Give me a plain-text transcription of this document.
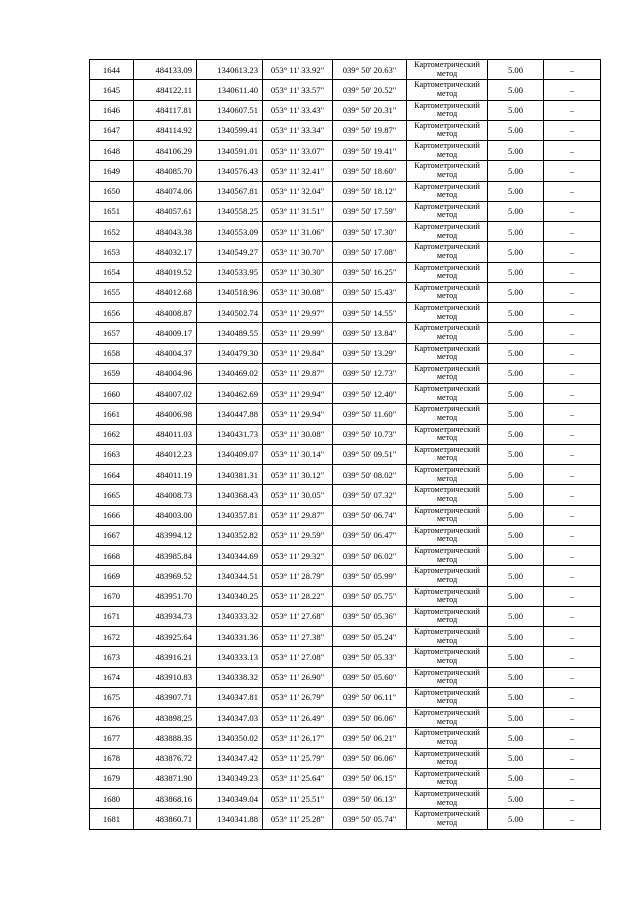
1644	484133.09	1340613.23	053° 11' 33.92"	039° 50' 20.63"	Картометрический метод	5.00	–
1645	484122.11	1340611.40	053° 11' 33.57"	039° 50' 20.52"	Картометрический метод	5.00	–
1646	484117.81	1340607.51	053° 11' 33.43"	039° 50' 20.31"	Картометрический метод	5.00	–
1647	484114.92	1340599.41	053° 11' 33.34"	039° 50' 19.87"	Картометрический метод	5.00	–
1648	484106.29	1340591.01	053° 11' 33.07"	039° 50' 19.41"	Картометрический метод	5.00	–
1649	484085.70	1340576.43	053° 11' 32.41"	039° 50' 18.60"	Картометрический метод	5.00	–
1650	484074.06	1340567.81	053° 11' 32.04"	039° 50' 18.12"	Картометрический метод	5.00	–
1651	484057.61	1340558.25	053° 11' 31.51"	039° 50' 17.59"	Картометрический метод	5.00	–
1652	484043.38	1340553.09	053° 11' 31.06"	039° 50' 17.30"	Картометрический метод	5.00	–
1653	484032.17	1340549.27	053° 11' 30.70"	039° 50' 17.08"	Картометрический метод	5.00	–
1654	484019.52	1340533.95	053° 11' 30.30"	039° 50' 16.25"	Картометрический метод	5.00	–
1655	484012.68	1340518.96	053° 11' 30.08"	039° 50' 15.43"	Картометрический метод	5.00	–
1656	484008.87	1340502.74	053° 11' 29.97"	039° 50' 14.55"	Картометрический метод	5.00	–
1657	484009.17	1340489.55	053° 11' 29.99"	039° 50' 13.84"	Картометрический метод	5.00	–
1658	484004.37	1340479.30	053° 11' 29.84"	039° 50' 13.29"	Картометрический метод	5.00	–
1659	484004.96	1340469.02	053° 11' 29.87"	039° 50' 12.73"	Картометрический метод	5.00	–
1660	484007.02	1340462.69	053° 11' 29.94"	039° 50' 12.40"	Картометрический метод	5.00	–
1661	484006.98	1340447.88	053° 11' 29.94"	039° 50' 11.60"	Картометрический метод	5.00	–
1662	484011.03	1340431.73	053° 11' 30.08"	039° 50' 10.73"	Картометрический метод	5.00	–
1663	484012.23	1340409.07	053° 11' 30.14"	039° 50' 09.51"	Картометрический метод	5.00	–
1664	484011.19	1340381.31	053° 11' 30.12"	039° 50' 08.02"	Картометрический метод	5.00	–
1665	484008.73	1340368.43	053° 11' 30.05"	039° 50' 07.32"	Картометрический метод	5.00	–
1666	484003.00	1340357.81	053° 11' 29.87"	039° 50' 06.74"	Картометрический метод	5.00	–
1667	483994.12	1340352.82	053° 11' 29.59"	039° 50' 06.47"	Картометрический метод	5.00	–
1668	483985.84	1340344.69	053° 11' 29.32"	039° 50' 06.02"	Картометрический метод	5.00	–
1669	483969.52	1340344.51	053° 11' 28.79"	039° 50' 05.99"	Картометрический метод	5.00	–
1670	483951.70	1340340.25	053° 11' 28.22"	039° 50' 05.75"	Картометрический метод	5.00	–
1671	483934.73	1340333.32	053° 11' 27.68"	039° 50' 05.36"	Картометрический метод	5.00	–
1672	483925.64	1340331.36	053° 11' 27.38"	039° 50' 05.24"	Картометрический метод	5.00	–
1673	483916.21	1340333.13	053° 11' 27.08"	039° 50' 05.33"	Картометрический метод	5.00	–
1674	483910.83	1340338.32	053° 11' 26.90"	039° 50' 05.60"	Картометрический метод	5.00	–
1675	483907.71	1340347.81	053° 11' 26.79"	039° 50' 06.11"	Картометрический метод	5.00	–
1676	483898.25	1340347.03	053° 11' 26.49"	039° 50' 06.06"	Картометрический метод	5.00	–
1677	483888.35	1340350.02	053° 11' 26.17"	039° 50' 06.21"	Картометрический метод	5.00	–
1678	483876.72	1340347.42	053° 11' 25.79"	039° 50' 06.06"	Картометрический метод	5.00	–
1679	483871.90	1340349.23	053° 11' 25.64"	039° 50' 06.15"	Картометрический метод	5.00	–
1680	483868.16	1340349.04	053° 11' 25.51"	039° 50' 06.13"	Картометрический метод	5.00	–
1681	483860.71	1340341.88	053° 11' 25.28"	039° 50' 05.74"	Картометрический метод	5.00	–
